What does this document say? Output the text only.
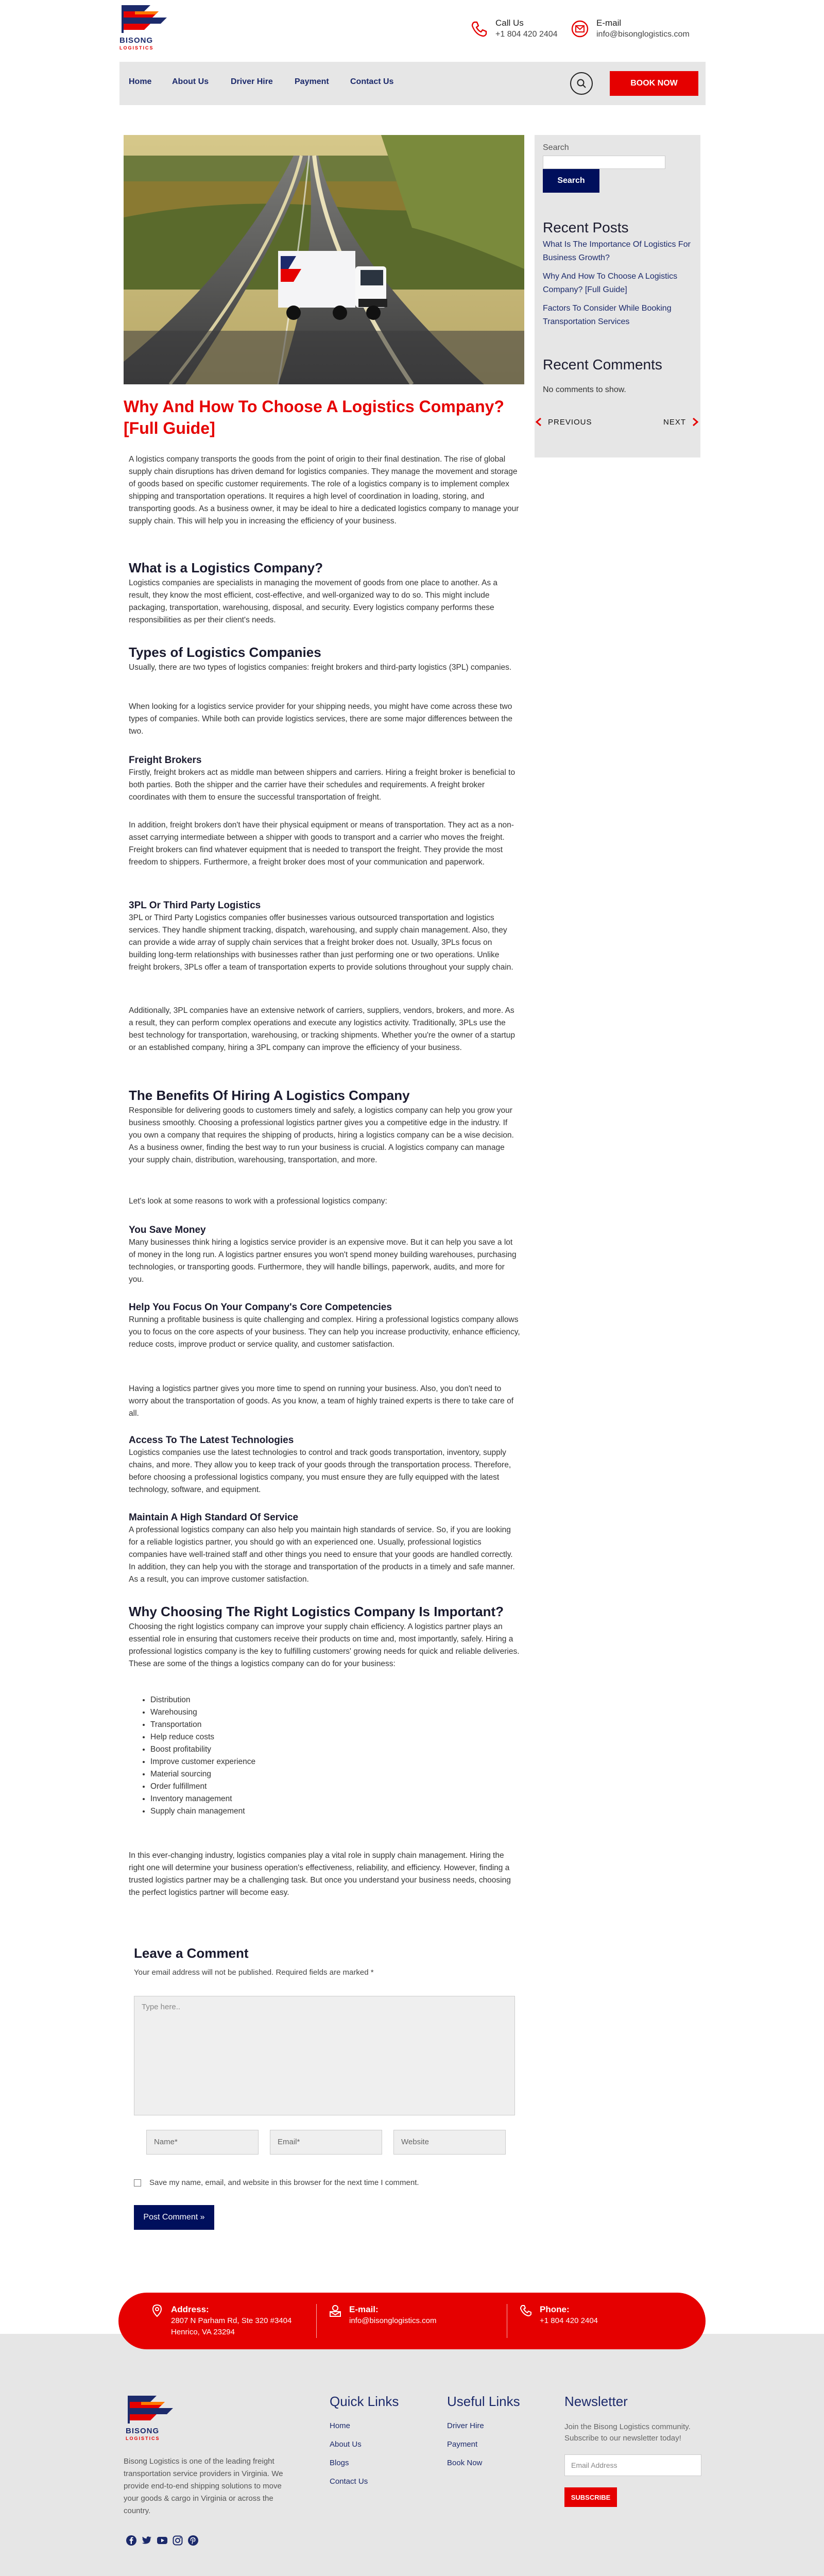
BISONG
LOGISTICS
Call Us
+1 804 420 2404
E-mail
info@bisonglogistics.com
Home About Us	Driver Hire	Payment	Contact Us	BOOK NOW
Search
Search
Recent Posts
What Is The Importance Of Logistics For Business Growth?
Why And How To Choose A Logistics Company? [Full Guide]
Factors To Consider While Booking Transportation Services
Recent Comments
No comments to show.
PREVIOUS	NEXT
Why And How To Choose A Logistics Company? [Full Guide]

A logistics company transports the goods from the point of origin to their final destination. The rise of global supply chain disruptions has driven demand for logistics companies. They manage the movement and storage of goods based on specific customer requirements. The role of a logistics company is to implement complex shipping and transportation operations. It requires a high level of coordination in loading, storing, and transporting goods. As a business owner, it may be ideal to hire a dedicated logistics company to manage your supply chain. This will help you in increasing the efficiency of your business.

What is a Logistics Company?

Logistics companies are specialists in managing the movement of goods from one place to another. As a result, they know the most efficient, cost-effective, and well-organized way to do so. This might include packaging, transportation, warehousing, disposal, and security. Every logistics company performs these responsibilities as per their client's needs.

Types of Logistics Companies

Usually, there are two types of logistics companies: freight brokers and third-party logistics (3PL) companies.

When looking for a logistics service provider for your shipping needs, you might have come across these two types of companies. While both can provide logistics services, there are some major differences between the two.

Freight Brokers

Firstly, freight brokers act as middle man between shippers and carriers. Hiring a freight broker is beneficial to both parties. Both the shipper and the carrier have their schedules and requirements. A freight broker coordinates with them to ensure the successful transportation of freight.

In addition, freight brokers don't have their physical equipment or means of transportation. They act as a non-asset carrying intermediate between a shipper with goods to transport and a carrier who moves the freight. Freight brokers can find whatever equipment that is needed to transport the freight. They provide the most freedom to shippers. Furthermore, a freight broker does most of your communication and paperwork.

3PL Or Third Party Logistics

3PL or Third Party Logistics companies offer businesses various outsourced transportation and logistics services. They handle shipment tracking, dispatch, warehousing, and supply chain management. Also, they can provide a wide array of supply chain services that a freight broker does not. Usually, 3PLs focus on building long-term relationships with businesses rather than just performing one or two operations. Unlike freight brokers, 3PLs offer a team of transportation experts to provide solutions throughout your supply chain.

Additionally, 3PL companies have an extensive network of carriers, suppliers, vendors, brokers, and more. As a result, they can perform complex operations and execute any logistics activity. Traditionally, 3PLs use the best technology for transportation, warehousing, or tracking shipments. Whether you're the owner of a startup or an established company, hiring a 3PL company can improve the efficiency of your business.

The Benefits Of Hiring A Logistics Company

Responsible for delivering goods to customers timely and safely, a logistics company can help you grow your business smoothly. Choosing a professional logistics partner gives you a competitive edge in the industry. If you own a company that requires the shipping of products, hiring a logistics company can be a wise decision. As a business owner, finding the best way to run your business is crucial. A logistics company can manage your supply chain, distribution, warehousing, transportation, and more.

Let's look at some reasons to work with a professional logistics company:

You Save Money

Many businesses think hiring a logistics service provider is an expensive move. But it can help you save a lot of money in the long run. A logistics partner ensures you won't spend money building warehouses, purchasing technologies, or transporting goods. Furthermore, they will handle billings, paperwork, audits, and more for you.

Help You Focus On Your Company's Core Competencies

Running a profitable business is quite challenging and complex. Hiring a professional logistics company allows you to focus on the core aspects of your business. They can help you increase productivity, enhance efficiency, reduce costs, improve product or service quality, and customer satisfaction.

Having a logistics partner gives you more time to spend on running your business. Also, you don't need to worry about the transportation of goods. As you know, a team of highly trained experts is there to take care of all.

Access To The Latest Technologies

Logistics companies use the latest technologies to control and track goods transportation, inventory, supply chains, and more. They allow you to keep track of your goods through the transportation process. Therefore, before choosing a professional logistics company, you must ensure they are fully equipped with the latest technology, software, and equipment.

Maintain A High Standard Of Service

A professional logistics company can also help you maintain high standards of service. So, if you are looking for a reliable logistics partner, you should go with an experienced one. Usually, professional logistics companies have well-trained staff and other things you need to ensure that your goods are handled correctly. In addition, they can help you with the storage and transportation of the products in a timely and safe manner. As a result, you can improve customer satisfaction.

Why Choosing The Right Logistics Company Is Important?

Choosing the right logistics company can improve your supply chain efficiency. A logistics partner plays an essential role in ensuring that customers receive their products on time and, most importantly, safely. Hiring a professional logistics company is the key to fulfilling customers' growing needs for quick and reliable deliveries. These are some of the things a logistics company can do for your business:

• Distribution
• Warehousing
• Transportation
• Help reduce costs
• Boost profitability
• Improve customer experience
• Material sourcing
• Order fulfillment
• Inventory management
• Supply chain management

In this ever-changing industry, logistics companies play a vital role in supply chain management. Hiring the right one will determine your business operation's effectiveness, reliability, and efficiency. However, finding a trusted logistics partner may be a challenging task. But once you understand your business needs, choosing the perfect logistics partner will become easy.

Leave a Comment

Your email address will not be published. Required fields are marked *

Type here..
Name*	Email*	Website
Save my name, email, and website in this browser for the next time I comment.
Post Comment »
Address:
2807 N Parham Rd, Ste 320 #3404
Henrico, VA 23294
E-mail:
info@bisonglogistics.com
Phone:
+1 804 420 2404
BISONG
LOGISTICS

Bisong Logistics is one of the leading freight transportation service providers in Virginia. We provide end-to-end shipping solutions to move your goods & cargo in Virginia or across the country.

Quick Links
Home
About Us
Blogs
Contact Us
Useful Links
Driver Hire
Payment
Book Now
Newsletter

Join the Bisong Logistics community. Subscribe to our newsletter today!

Email Address
SUBSCRIBE
